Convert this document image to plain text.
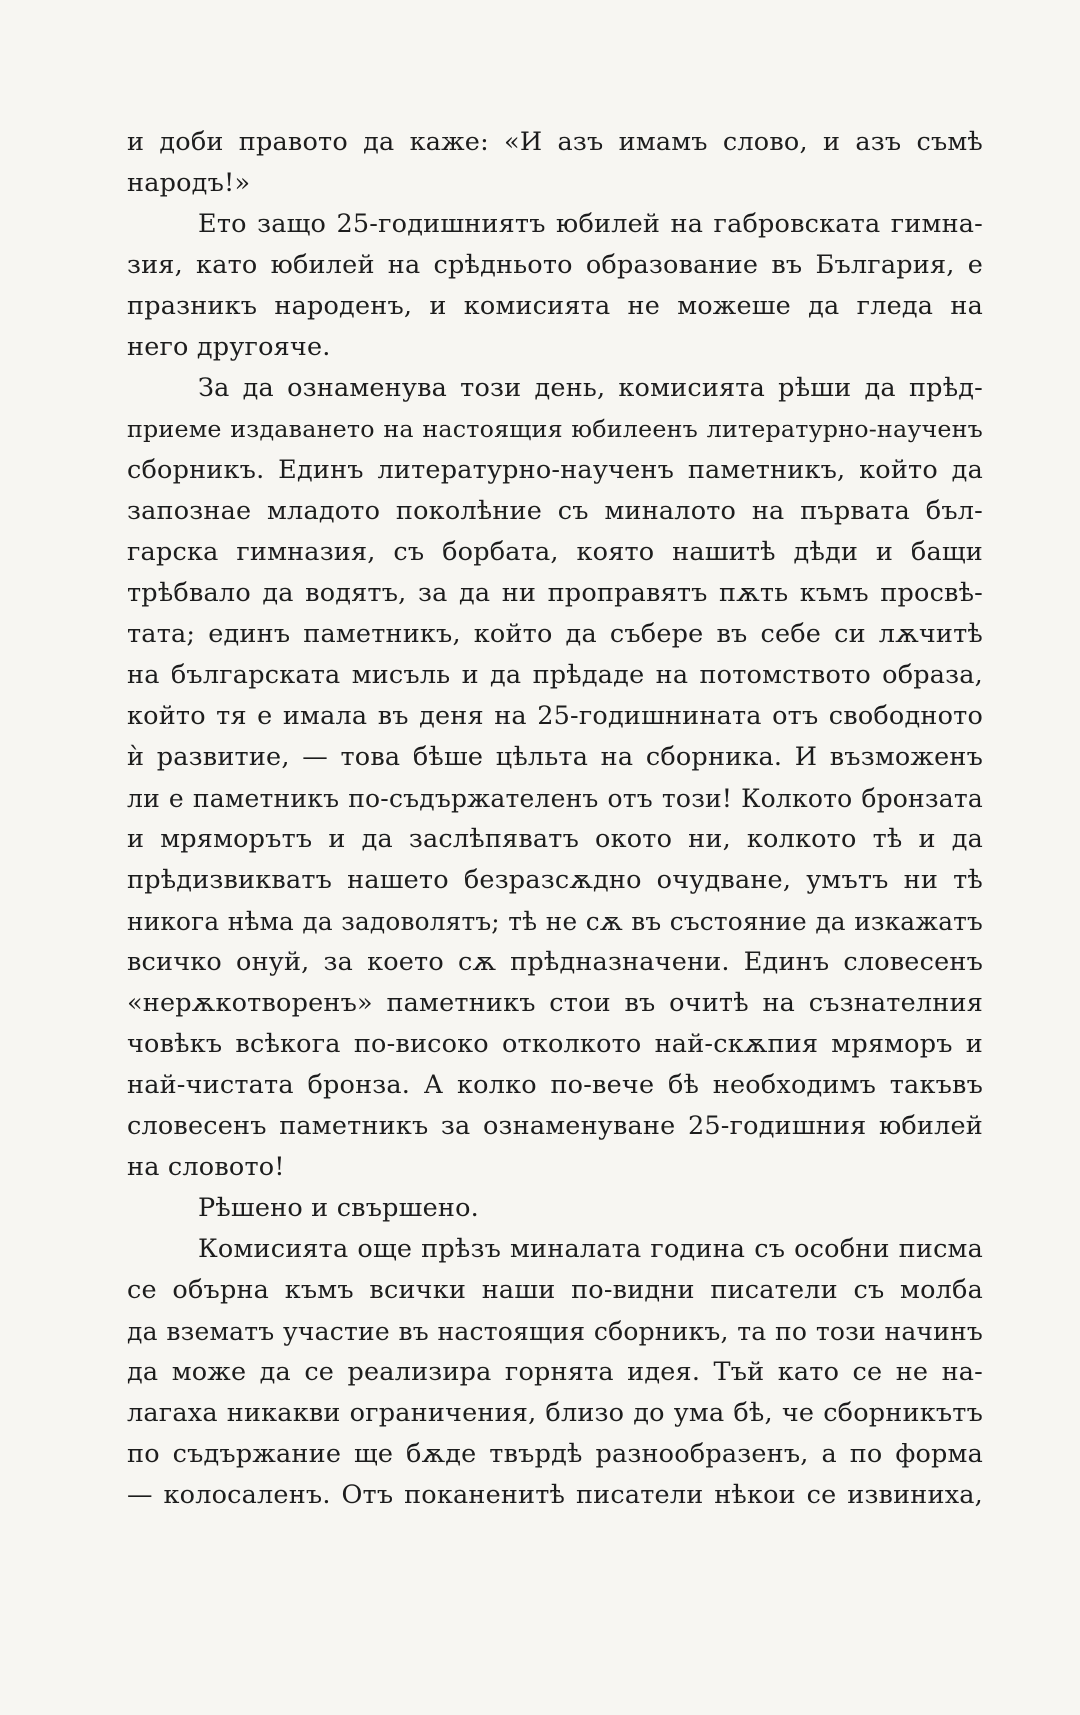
и доби правото да каже: «И азъ имамъ слово, и азъ съмѣ
народъ!»
Ето защо 25-годишниятъ юбилей на габровската гимна-
зия, като юбилей на срѣдньото образование въ България, е
празникъ народенъ, и комисията не можеше да гледа на
него другояче.
За да ознаменува този день, комисията рѣши да прѣд-
приеме издаването на настоящия юбилеенъ литературно-наученъ
сборникъ. Единъ литературно-наученъ паметникъ, който да
запознае младото поколѣние съ миналото на първата бъл-
гарска гимназия, съ борбата, която нашитѣ дѣди и бащи
трѣбвало да водятъ, за да ни проправятъ пѫть къмъ просвѣ-
тата; единъ паметникъ, който да събере въ себе си лѫчитѣ
на българската мисъль и да прѣдаде на потомството образа,
който тя е имала въ деня на 25-годишнината отъ свободното
ѝ развитие, — това бѣше цѣльта на сборника. И възможенъ
ли е паметникъ по-съдържателенъ отъ този! Колкото бронзата
и мряморътъ и да заслѣпяватъ окото ни, колкото тѣ и да
прѣдизвикватъ нашето безразсѫдно очудване, умътъ ни тѣ
никога нѣма да задоволятъ; тѣ не сѫ въ състояние да изкажатъ
всичко онуй, за което сѫ прѣдназначени. Единъ словесенъ
«нерѫкотворенъ» паметникъ стои въ очитѣ на съзнателния
човѣкъ всѣкога по-високо отколкото най-скѫпия мряморъ и
най-чистата бронза. А колко по-вече бѣ необходимъ такъвъ
словесенъ паметникъ за ознаменуване 25-годишния юбилей
на словото!
Рѣшено и свършено.
Комисията още прѣзъ миналата година съ особни писма
се обърна къмъ всички наши по-видни писатели съ молба
да взематъ участие въ настоящия сборникъ, та по този начинъ
да може да се реализира горнята идея. Тъй като се не на-
лагаха никакви ограничения, близо до ума бѣ, че сборникътъ
по съдържание ще бѫде твърдѣ разнообразенъ, а по форма
— колосаленъ. Отъ поканенитѣ писатели нѣкои се извиниха,
